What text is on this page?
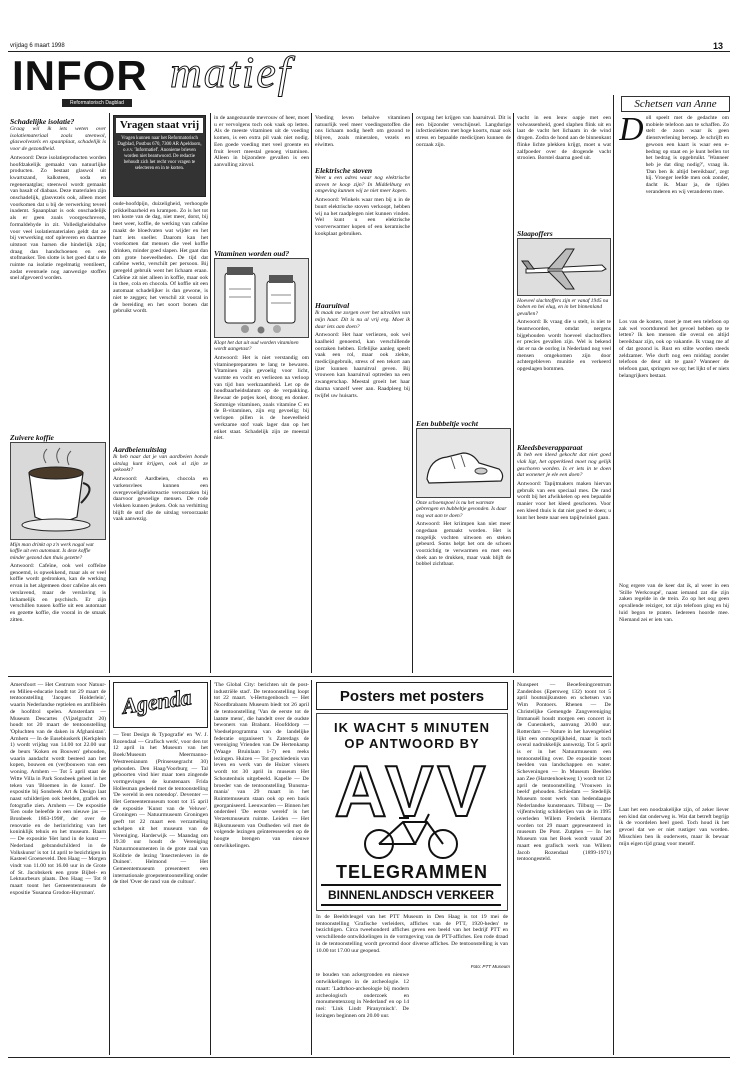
vrijdag 6 maart 1998	13
INFOR matief
Reformatorisch Dagblad	Schetsen van Anne
Schadelijke isolatie?
Graag wil ik iets weten over isolatiemateriaal zoals steenwol, glaswolvezels en spaanplaat, schadelijk is voor de gezondheid.
Antwoord: Deze isolatieproducten worden hoofdzakelijk gemaakt van natuurlijke producten. Zo bestaat glaswol uit kwartszand, kalksteen, soda en regeneraatglas; steenwol wordt gemaakt van basalt of diabaas. Deze materialen zijn onschadelijk, glasvezels ook, alleen moet voorkomen dat u bij de verwerking teveel inademt. Spaanplaat is ook onschadelijk als er geen zoals voorgeschreven, formaldehyde in zit. Volledigheidshalve voor veel isolatiematerialen geldt dat ze bij verwerking stof opleveren en daarmee uitstoot van harsen die hinderlijk zijn; draag dan handschoenen en een stofmasker. Ten slotte is het goed dat u de ruimte na isolatie regelmatig ventileert, zodat eventuele nog aanwezige stoffen snel afgevoerd worden.
Zuivere koffie
Mijn man drinkt op z'n werk nogal wat koffie uit een automaat. Is deze koffie minder gezond dan thuis gezette?
Antwoord: Cafeïne, ook wel coffeïne genoemd, is opwekkend, maar als er veel koffie wordt gedronken, kan de werking ervan in het algemeen door cafeïne als een verslavend, maar de verslaving is lichamelijk en psychisch. Er zijn verschillen tussen koffie uit een automaat en gezette koffie, die vooral in de smaak zitten.
Vragen staat vrij
Vragen kunnen naar het Reformatorisch Dagblad, Postbus 670, 7300 AR Apeldoorn, o.v.v. 'Informatief'. Anonieme brieven worden niet beantwoord. De redactie behoudt zich het recht voor vragen te selecteren en in te korten.
oude-hoofdpijn, duizeligheid, verhoogde prikkelbaarheid en krampen. Zo is het tot ten koste van de dag, niet meer, dorst, bij heet weer, koffie, de werking van cafeïne maakt de bloedvaten wat wijder en het hart iets sneller. Daarom kan het voorkomen dat mensen die veel koffie drinken, minder goed slapen. Het gaat dan om grote hoeveelheden. De tijd dat cafeïne werkt, verschilt per persoon. Bij geregeld gebruik went het lichaam eraan. Cafeïne zit niet alleen in koffie, maar ook in thee, cola en chocola. Of koffie uit een automaat schadelijker is dan gewone, is niet te zeggen; het verschil zit vooral in de bereiding en het soort bonen dat gebruikt wordt.
Aardbeienuitslag
Ik heb naar dat je van aardbeien bonde uitslag kunt krijgen, ook al zijn ze gekookt?
Antwoord: Aardbeien, chocola en varkensvlees kunnen een overgevoeligheidsreactie veroorzaken bij daarvoor gevoelige mensen. De rode vlekken kunnen jeuken. Ook na verhitting blijft de stof die de uitslag veroorzaakt vaak aanwezig.
in de aangezuurde mevrouw of heer, moet u er vervolgens toch ook vaak op letten. Als de meeste vitaminen uit de voeding komen, is een extra pil vaak niet nodig. Een goede voeding met veel groente en fruit levert meestal genoeg vitaminen. Alleen in bijzondere gevallen is een aanvulling zinvol.
Vitaminen worden oud?
Klopt het dat uit oud worden vitaminen wordt aangetast?
Antwoord: Het is niet verstandig om vitaminepreparaten te lang te bewaren. Vitaminen zijn gevoelig voor licht, warmte en vocht en verliezen na verloop van tijd hun werkzaamheid. Let op de houdbaarheidsdatum op de verpakking. Bewaar de potjes koel, droog en donker. Sommige vitaminen, zoals vitamine C en de B-vitaminen, zijn erg gevoelig; bij verlopen pillen is de hoeveelheid werkzame stof vaak lager dan op het etiket staat. Schadelijk zijn ze meestal niet.
Voeding leven behalve vitaminen natuurlijk veel meer voedingsstoffen die ons lichaam nodig heeft om gezond te blijven, zoals mineralen, vezels en eiwitten.
Elektrische stoven
Weet u een adres waar nog elektrische stoven te koop zijn? In Middelburg en omgeving kunnen wij ze niet meer kopen.
Antwoord: Winkels waar men bij u in de buurt elektrische stoven verkoopt, hebben wij na het raadplegen niet kunnen vinden. Wel kunt u een elektrische voorverwarmer kopen of een keramische kookplaat gebruiken.
Haaruitval
Ik maak me zorgen over het uitvallen van mijn haar. Dit is nu al vrij erg. Moet ik daar iets aan doen?
Antwoord: Het haar verliezen, ook wel kaalheid genoemd, kan verschillende oorzaken hebben. Erfelijke aanleg speelt vaak een rol, maar ook ziekte, medicijngebruik, stress of een tekort aan ijzer kunnen haaruitval geven. Bij vrouwen kan haaruitval optreden na een zwangerschap. Meestal groeit het haar daarna vanzelf weer aan. Raadpleeg bij twijfel uw huisarts.
ovrgang het krijgen van haaruitval. Dit is een bijzonder verschijnsel. Langdurige infectieziekten met hoge koorts, maar ook stress en bepaalde medicijnen kunnen de oorzaak zijn.
Een bubbeltje vocht
Onze schoenspoel is nu het warmste gebrengen en bubbeltje gevonden. Is daar nog wat aan te doen?
Antwoord: Het kriimpen kan niet meer ongedaan gemaakt worden. Het is mogelijk vochten uitwoen en steken gebeurd. Soms helpt het om de schoen voorzichtig te verwarmen en met een doek aan te drukken, maar vaak blijft de bobbel zichtbaar.
vacht in een leuw oapje met een volwassenheid, goed slaphen flink uit en laat de vacht het lichaam in de wind drogen. Zodra de hond aan de binnenkant flinke lichte plekken krijgt, moet u wat zalfpoeder over de drogende vacht strooien. Borstel daarna goed uit.
Slaapoffers
Hoeveel slachtoffers zijn er vanaf 1945 na boben en hei elug, en in het binnenland gevallen?
Antwoord: Ik vraag die u stelt, is niet te beantwoorden, omdat nergens bijgehouden wordt hoeveel slachtoffers er precies gevallen zijn. Wel is bekend dat er na de oorlog in Nederland nog veel mensen omgekomen zijn door achtergebleven munitie en verkeerd opgeslagen bommen.
Kleedsbeverapparaat
Ik heb een kleed gekocht dat niet goed vlak ligt, het opperkleed moet nog gelijk geschoren worden. Is er iets in te doen dat wonener je ele een doen?
Antwoord: Tapijtmakers maken hiervan gebruik van een speciaal mes. De rand wordt bij het afwikkelen op een bepaalde manier voor het kleed geschoren. Voor een kleed thuis is dat niet goed te doen; u kunt het beste naar een tapijtwinkel gaan.
D oll speelt met de gedachte om mobiele telefoon aan te schaffen. Zo stelt de zoon waar ik geen dienstverlening beroep. Je schrijft en gewoon een kaart is waar een e-bedrag op staat en je kunt bellen tot het bedrag is opgebruikt. 'Wanneer heb je dat ding nodig?', vraag ik. 'Dan ben ik altijd bereikbaar', zegt hij. Vroeger leefde men ook zonder, dacht ik. Maar ja, de tijden veranderen en wij veranderen mee.
Los van de kosten, moet je met een telefoon op zak wel voortdurend het gevoel hebben op te letten? Ik ken mensen die overal en altijd bereikbaar zijn, ook op vakantie. Ik vraag me af of dat gezond is. Rust en stilte worden steeds zeldzamer. Wie durft nog een middag zonder telefoon de deur uit te gaan? Wanneer de telefoon gaat, springen we op; het lijkt of er niets belangrijkers bestaat.
Nog ergere van de keer dat ik, al weer in een 'Stille Werkcoupé', naast iemand zat die zijn zaken regelde in de trein. Zo op het oog geen opvallende reiziger, tot zijn telefoon ging en hij luid begon te praten. Iedereen hoorde mee. Niemand zei er iets van.
Laat het een noodzakelijke zijn, of zeker liever een kind dat onderweg is. Wat dat betreft begrijp ik de voordelen heel goed. Toch houd ik het gevoel dat we er niet rustiger van worden. Misschien ben ik ouderwets, maar ik bewaar mijn eigen tijd graag voor mezelf.
Amersfoort — Het Centrum voor Natuur- en Milieu-educatie houdt tot 29 maart de tentoonstelling 'Jacques Holderlein', waarin Nederlandse reptielen en amfibieën de hoofdrol spelen. Amsterdam — Museum Descartes (Vijzelgracht 20) houdt tot 20 maart de tentoonstelling 'Opluchten van de daken in Afghanistan'. Arnhem — In de Eusebiuskerk (Kerkplein 1) wordt vrijdag van 14.00 tot 22.00 uur de beurs 'Koken en Bouwen' gehouden, waarin aandacht wordt besteed aan het kopen, bouwen en (ver)bouwen van een woning. Arnhem — Tot 5 april staat de Witte Villa in Park Sonsbeek geheel in het teken van 'Bloemen in de kunst'. De expositie bij Sonsbeek Art & Design laat naast schilderijen ook beelden, grafiek en fotografie zien. Arnhem — De expositie 'Een oude beleefde in een nieuwe jas — Bronbeek 1863-1998', der over de renovatie en de herinrichting van het koninklijk tehuis en het museum. Baarn — De expositie 'Het land in de kunst — Nederland gebrandschilderd in de Volkskunst' is tot 14 april te bezichtigen in Kasteel Groeneveld. Den Haag — Morgen vindt van 11.00 tot 16.00 uur in de Grote of St. Jacobskerk een grote Bijbel- en Lektuurbeurs plaats. Den Haag — Tot 8 maart toont het Gemeentemuseum de expositie 'Susanna Grodon-Huysman'.
Agenda
— Tent Design & Typografie' en 'W. J. Rozendaal — Grafisch werk', voor den tot 12 april in het Museum van het Boek/Museum Meermanno-Westreenianum (Prinsessegracht 30) gehouden. Den Haag/Voorburg — Tal geboorten vind hier maar toen zingende vormgevingen de kunstenaars Frida Hollesman gedeeld met de tentoonstelling 'De wereld in een notendop'. Deventer — Het Gemeentemuseum toont tot 15 april de expositie 'Kunst van de Veluwe'. Groningen — Natuurmuseum Groningen geeft tot 22 maart een verzameling schelpen uit het museum van de Vereniging. Harderwijk — Maandag om 19.30 uur houdt de Vereniging Natuurmonumenten in de grote zaal van Kolibrie de lezing 'Insectenleven in de Duinen'. Helmond — Het Gemeentemuseum presenteert een internationale groepstentoonstelling onder de titel 'Over de rand van de cultuur'.
'The Global City: berichten uit de post-industriële stad'. De tentoonstelling loopt tot 22 maart. 's-Hertogenbosch — Het Noordbrabants Museum biedt tot 26 april de tentoonstelling 'Van de eerste tot de laatste mens', die handelt over de oudste bewoners van Brabant. Hoofddorp — Voedselprogramma van de landelijke federatie organiseert 's Zaterdags de vereniging Vrienden van De Hertenkamp (Waage Bruinlaan 1-7) een reeks lezingen. Huizen — Tot geschiedenis van leven en werk van de Huizer vissers wordt tot 30 april in museum Het Schoutenhuis uitgebeeld. Kapelle — De broeder van de tentoonstelling 'Bunsma-mania' van 29 maart in het Ruimtemuseum staan ook op een basis georganiseerd. Leeuwarden — Binnen het onderdeel 'De eerste wereld' is het Verzetsmuseum ruimte. Leiden — Het Rijksmuseum van Oudheden wil met de volgende lezingen geïnteresseerden op de hoogte brengen van nieuwe ontwikkelingen.
Posters met posters
IK WACHT 5 MINUTEN
OP ANTWOORD BY
AVV
TELEGRAMMEN
BINNENLANDSCH VERKEER
In de Beeldvleugel van het PTT Museum in Den Haag is tot 19 mei de tentoonstelling 'Grafische verleiders, affiches van de PTT, 1920-heden' te bezichtigen. Circa tweehonderd affiches geven een beeld van het bedrijf PTT en verschillende ontwikkelingen in de vormgeving van de PTT-affiches. Een rode draad in de tentoonstelling wordt gevormd door diverse affiches. De tentoonstelling is van 10.00 tot 17.00 uur geopend.
Foto: PTT Museum
te bouden van ackergronden en nieuwe ontwikkelingen in de archeologie. 12 maart: 'Ladtrhoo-archeologie bij modern archeologisch onderzoek en monumentenzorg in Nederland' en op 14 mei: 'Link Lindt Piranymisch'. De lezingen beginnen om 20.00 uur.
Nunspeet — Beoefeningcentrum Zandenbos (Epersweg 132) toont tot 5 april houtsnijkunsten en schetsen van Wim Pontoers. Rhenen — De Christelijke Gemengde Zangvereniging Immanuël houdt morgen een concert in de Cunerakerk, aanvang 20.00 uur. Rotterdam — Nature in het havengebied lijkt een onmogelijkheid, maar is toch overal nadrukkelijk aanwezig. Tot 5 april is er in het Natuurmuseum een tentoonstelling over. De expositie toont beelden van landschappen en water. Scheveningen — In Museum Beelden aan Zee (Harstenhoekweg 1) wordt tot 12 april de tentoonstelling 'Vrouwen in beeld' gehouden. Schiedam — Stedelijk Museum toont werk van hedendaagse Nederlandse kunstenaars. Tilburg — De vijfentwintig schilderijen van de in 1995 overleden Willem Frederik Hermans worden tot 29 maart gepresenteerd in museum De Pont. Zutphen — In het Museum van het Boek wordt vanaf 20 maart een grafisch werk van Willem Jacob Rozendaal (1899-1971) tentoongesteld.
